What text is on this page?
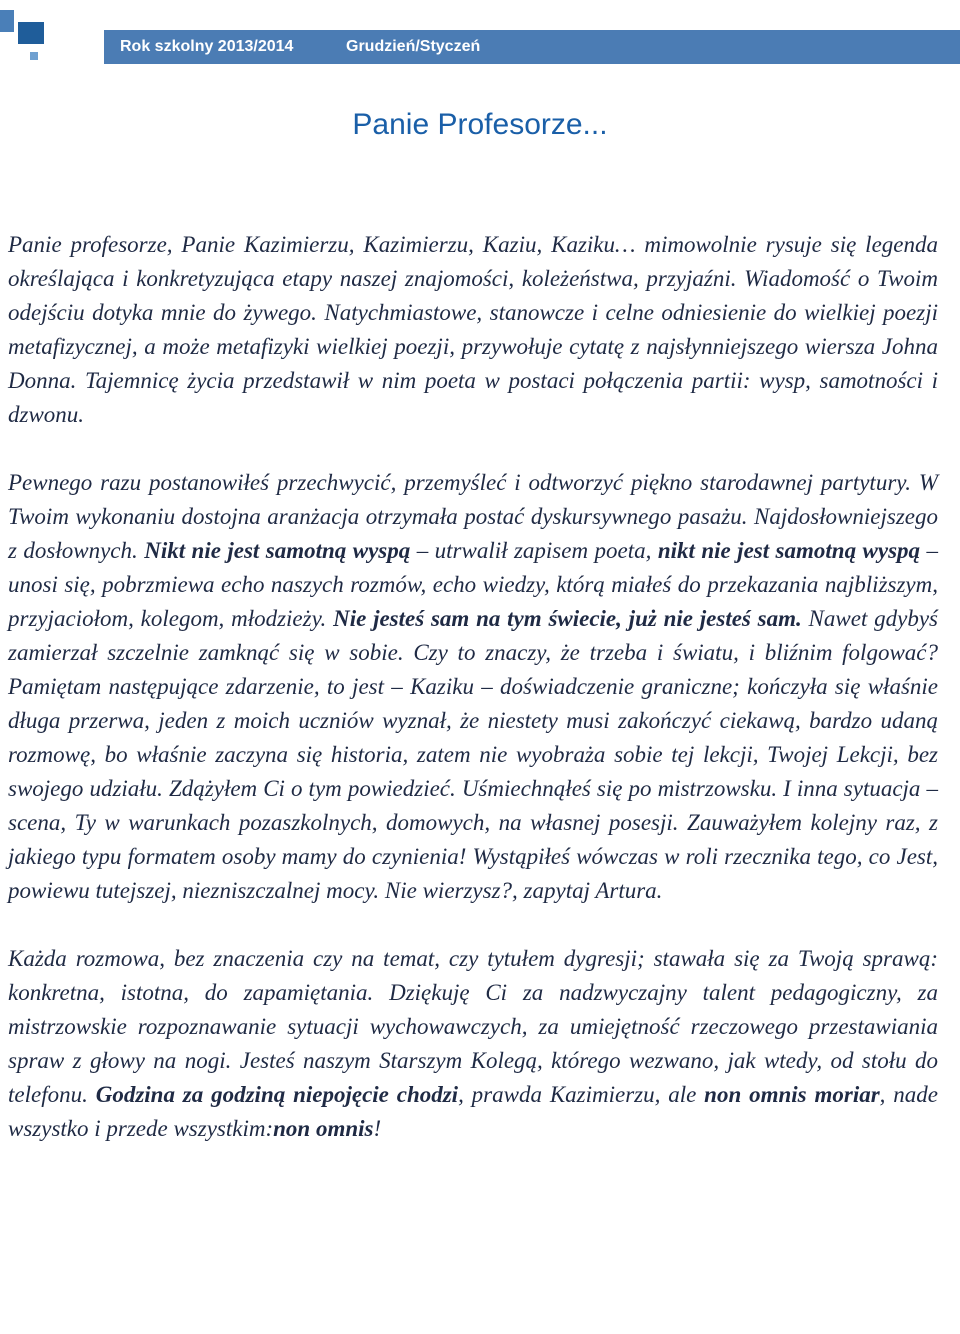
Rok szkolny 2013/2014	Grudzień/Styczeń
Panie Profesorze...

Panie profesorze, Panie Kazimierzu, Kazimierzu, Kaziu, Kaziku… mimowolnie rysuje się legenda określająca i konkretyzująca etapy naszej znajomości, koleżeństwa, przyjaźni. Wiadomość o Twoim odejściu dotyka mnie do żywego. Natychmiastowe, stanowcze i celne odniesienie do wielkiej poezji metafizycznej, a może metafizyki wielkiej poezji, przywołuje cytatę z najsłynniejszego wiersza Johna Donna. Tajemnicę życia przedstawił w nim poeta w postaci połączenia partii: wysp, samotności i dzwonu.

Pewnego razu postanowiłeś przechwycić, przemyśleć i odtworzyć piękno starodawnej partytury. W Twoim wykonaniu dostojna aranżacja otrzymała postać dyskursywnego pasażu. Najdosłowniejszego z dosłownych. Nikt nie jest samotną wyspą – utrwalił zapisem poeta, nikt nie jest samotną wyspą – unosi się, pobrzmiewa echo naszych rozmów, echo wiedzy, którą miałeś do przekazania najbliższym, przyjaciołom, kolegom, młodzieży. Nie jesteś sam na tym świecie, już nie jesteś sam. Nawet gdybyś zamierzał szczelnie zamknąć się w sobie. Czy to znaczy, że trzeba i światu, i bliźnim folgować? Pamiętam następujące zdarzenie, to jest – Kaziku – doświadczenie graniczne; kończyła się właśnie długa przerwa, jeden z moich uczniów wyznał, że niestety musi zakończyć ciekawą, bardzo udaną rozmowę, bo właśnie zaczyna się historia, zatem nie wyobraża sobie tej lekcji, Twojej Lekcji, bez swojego udziału. Zdążyłem Ci o tym powiedzieć. Uśmiechnąłeś się po mistrzowsku. I inna sytuacja – scena, Ty w warunkach pozaszkolnych, domowych, na własnej posesji. Zauważyłem kolejny raz, z jakiego typu formatem osoby mamy do czynienia! Wystąpiłeś wówczas w roli rzecznika tego, co Jest, powiewu tutejszej, niezniszczalnej mocy. Nie wierzysz?, zapytaj Artura.

Każda rozmowa, bez znaczenia czy na temat, czy tytułem dygresji; stawała się za Twoją sprawą: konkretna, istotna, do zapamiętania. Dziękuję Ci za nadzwyczajny talent pedagogiczny, za mistrzowskie rozpoznawanie sytuacji wychowawczych, za umiejętność rzeczowego przestawiania spraw z głowy na nogi. Jesteś naszym Starszym Kolegą, którego wezwano, jak wtedy, od stołu do telefonu. Godzina za godziną niepojęcie chodzi, prawda Kazimierzu, ale non omnis moriar, nade wszystko i przede wszystkim:non omnis!
